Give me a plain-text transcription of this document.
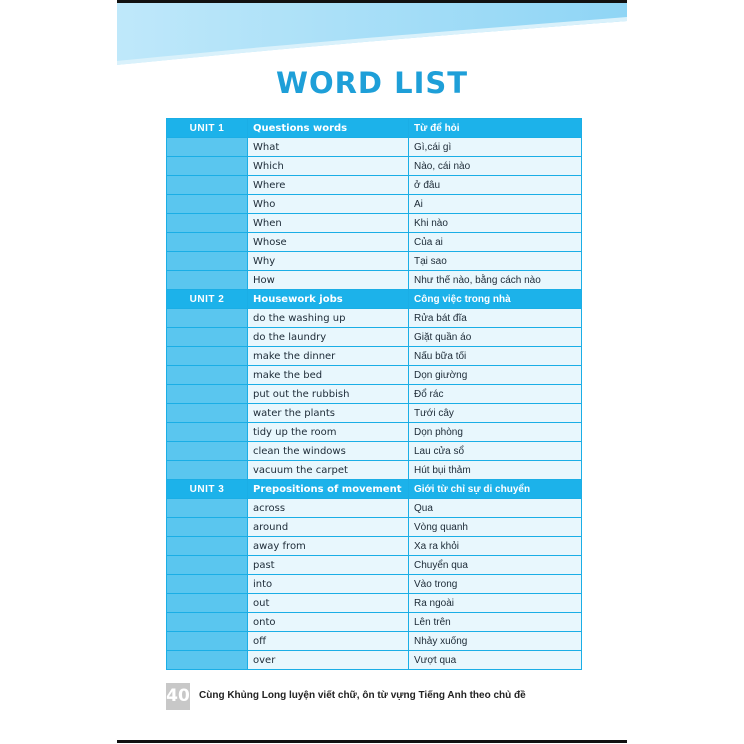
WORD LIST
UNIT 1	Questions words	Từ để hỏi
	What	Gì,cái gì
	Which	Nào, cái nào
	Where	ở đâu
	Who	Ai
	When	Khi nào
	Whose	Của ai
	Why	Tại sao
	How	Như thế nào, bằng cách nào
UNIT 2	Housework jobs	Công việc trong nhà
	do the washing up	Rửa bát đĩa
	do the laundry	Giặt quần áo
	make the dinner	Nấu bữa tối
	make the bed	Dọn giường
	put out the rubbish	Đổ rác
	water the plants	Tưới cây
	tidy up the room	Dọn phòng
	clean the windows	Lau cửa sổ
	vacuum the carpet	Hút bụi thảm
UNIT 3	Prepositions of movement	Giới từ chỉ sự di chuyển
	across	Qua
	around	Vòng quanh
	away from	Xa ra khỏi
	past	Chuyển qua
	into	Vào trong
	out	Ra ngoài
	onto	Lên trên
	off	Nhảy xuống
	over	Vượt qua
40 Cùng Khủng Long luyện viết chữ, ôn từ vựng Tiếng Anh theo chủ đề
